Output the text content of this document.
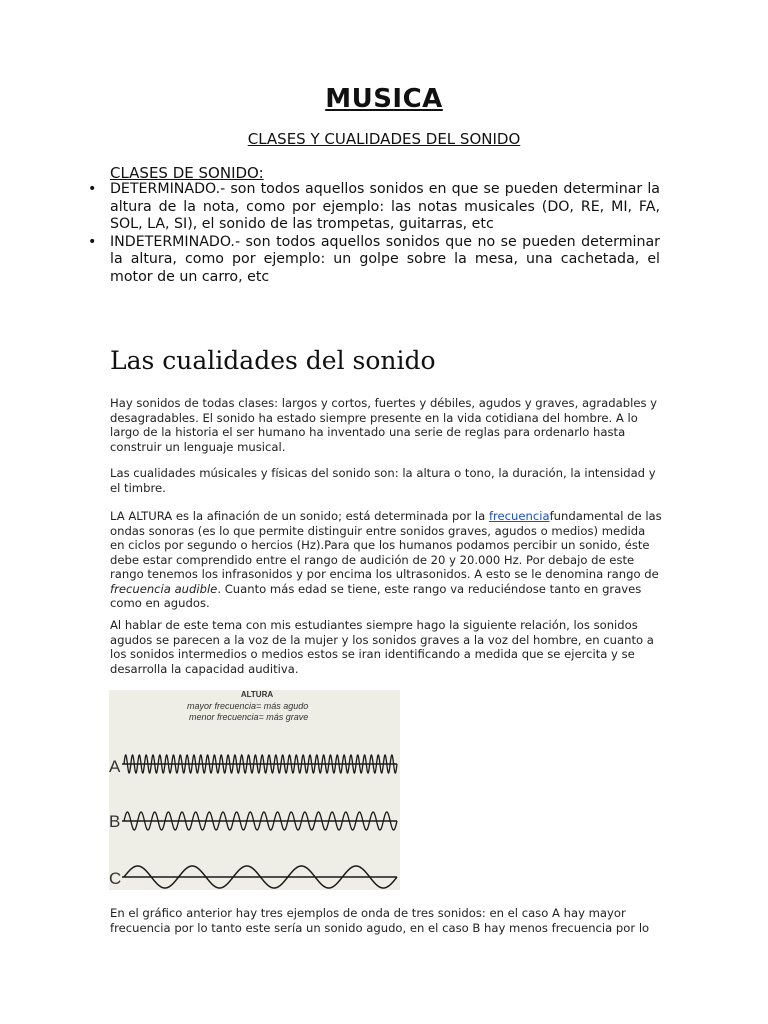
MUSICA
CLASES Y CUALIDADES DEL SONIDO
CLASES DE SONIDO:
• DETERMINADO.- son todos aquellos sonidos en que se pueden determinar la altura de la nota, como por ejemplo: las notas musicales (DO, RE, MI, FA, SOL, LA, SI), el sonido de las trompetas, guitarras, etc
• INDETERMINADO.- son todos aquellos sonidos que no se pueden determinar la altura, como por ejemplo: un golpe sobre la mesa, una cachetada, el motor de un carro, etc
Las cualidades del sonido
Hay sonidos de todas clases: largos y cortos, fuertes y débiles, agudos y graves, agradables y desagradables. El sonido ha estado siempre presente en la vida cotidiana del hombre. A lo largo de la historia el ser humano ha inventado una serie de reglas para ordenarlo hasta construir un lenguaje musical.
Las cualidades músicales y físicas del sonido son: la altura o tono, la duración, la intensidad y el timbre.
LA ALTURA es la afinación de un sonido; está determinada por la frecuenciafundamental de las ondas sonoras (es lo que permite distinguir entre sonidos graves, agudos o medios) medida en ciclos por segundo o hercios (Hz).Para que los humanos podamos percibir un sonido, éste debe estar comprendido entre el rango de audición de 20 y 20.000 Hz. Por debajo de este rango tenemos los infrasonidos y por encima los ultrasonidos. A esto se le denomina rango de frecuencia audible. Cuanto más edad se tiene, este rango va reduciéndose tanto en graves como en agudos.
Al hablar de este tema con mis estudiantes siempre hago la siguiente relación, los sonidos agudos se parecen a la voz de la mujer y los sonidos graves a la voz del hombre, en cuanto a los sonidos intermedios o medios estos se iran identificando a medida que se ejercita y se desarrolla la capacidad auditiva.
ALTURA
mayor frecuencia= más agudo
menor frecuencia= más grave
A
B
C
En el gráfico anterior hay tres ejemplos de onda de tres sonidos: en el caso A hay mayor frecuencia por lo tanto este sería un sonido agudo, en el caso B hay menos frecuencia por lo
